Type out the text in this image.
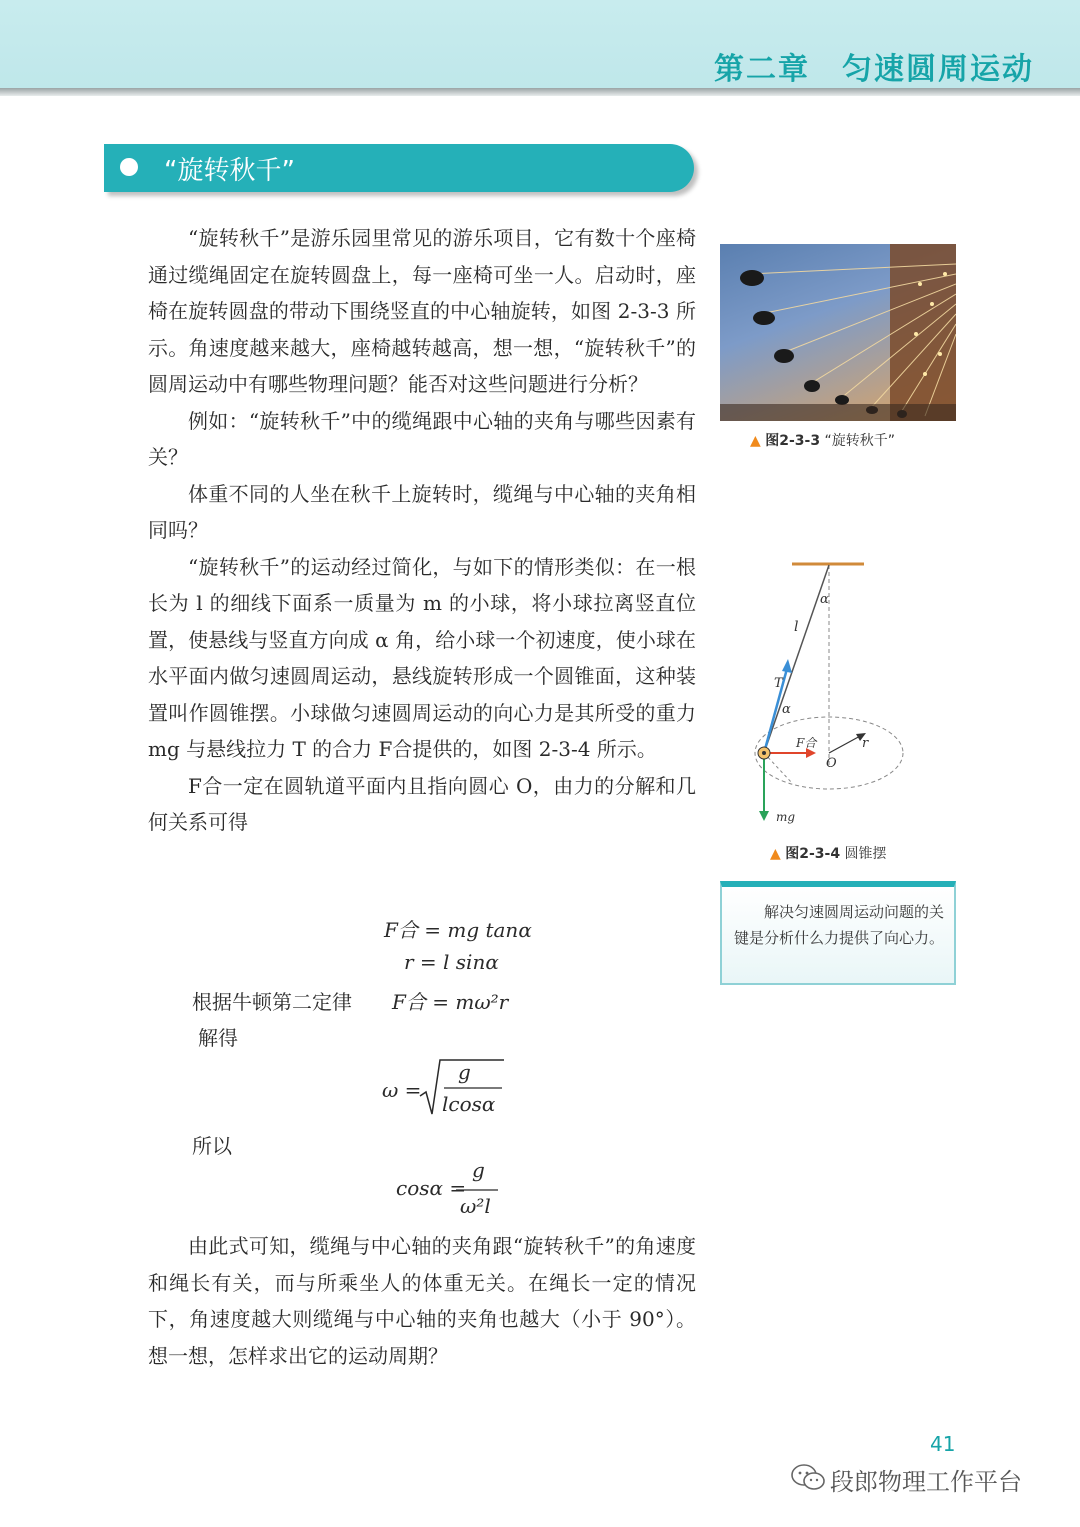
第二章　匀速圆周运动
“旋转秋千”

“旋转秋千”是游乐园里常见的游乐项目，它有数十个座椅通过缆绳固定在旋转圆盘上，每一座椅可坐一人。启动时，座椅在旋转圆盘的带动下围绕竖直的中心轴旋转，如图 2-3-3 所示。角速度越来越大，座椅越转越高，想一想，“旋转秋千”的圆周运动中有哪些物理问题？能否对这些问题进行分析？

例如：“旋转秋千”中的缆绳跟中心轴的夹角与哪些因素有关？

体重不同的人坐在秋千上旋转时，缆绳与中心轴的夹角相同吗？

“旋转秋千”的运动经过简化，与如下的情形类似：在一根长为 l 的细线下面系一质量为 m 的小球，将小球拉离竖直位置，使悬线与竖直方向成 α 角，给小球一个初速度，使小球在水平面内做匀速圆周运动，悬线旋转形成一个圆锥面，这种装置叫作圆锥摆。小球做匀速圆周运动的向心力是其所受的重力 mg 与悬线拉力 T 的合力 F合提供的，如图 2-3-4 所示。

F合一定在圆轨道平面内且指向圆心 O，由力的分解和几何关系可得

F合 = mg tanα
r = l sinα
根据牛顿第二定律 F合 = mω²r
解得
ω =
g
lcosα
所以
cosα =
g
ω²l
由此式可知，缆绳与中心轴的夹角跟“旋转秋千”的角速度和绳长有关，而与所乘坐人的体重无关。在绳长一定的情况下，角速度越大则缆绳与中心轴的夹角也越大（小于 90°）。想一想，怎样求出它的运动周期？
▲ 图2-3-3 “旋转秋千”
α
l
T
α
F合	r
O
mg
▲ 图2-3-4 圆锥摆
解决匀速圆周运动问题的关键是分析什么力提供了向心力。
41
段郎物理工作平台
